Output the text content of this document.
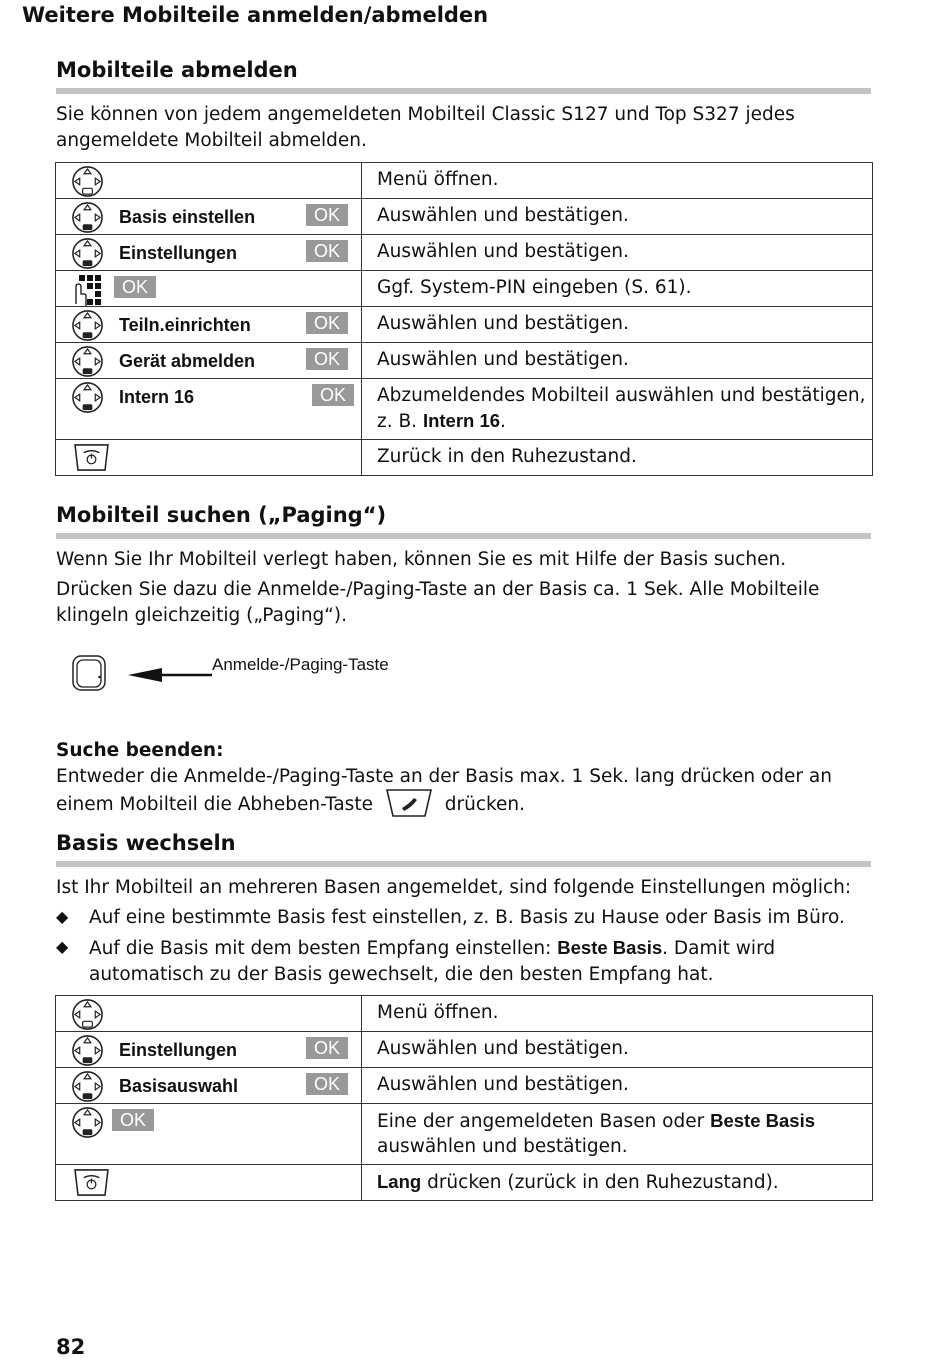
Weitere Mobilteile anmelden/abmelden
Mobilteile abmelden
Sie können von jedem angemeldeten Mobilteil Classic S127 und Top S327 jedes angemeldete Mobilteil abmelden.
	Menü öffnen.

Basis einstellen OK	Auswählen und bestätigen.

Einstellungen OK	Auswählen und bestätigen.

OK	Ggf. System-PIN eingeben (S. 61).

Teiln.einrichten OK	Auswählen und bestätigen.

Gerät abmelden OK	Auswählen und bestätigen.

Intern 16 OK	Abzumeldendes Mobilteil auswählen und bestätigen, z. B. Intern 16.

	Zurück in den Ruhezustand.
Mobilteil suchen („Paging“)
Wenn Sie Ihr Mobilteil verlegt haben, können Sie es mit Hilfe der Basis suchen.
Drücken Sie dazu die Anmelde-/Paging-Taste an der Basis ca. 1 Sek. Alle Mobilteile klingeln gleichzeitig („Paging“).
Anmelde-/Paging-Taste
Suche beenden:
Entweder die Anmelde-/Paging-Taste an der Basis max. 1 Sek. lang drücken oder an
einem Mobilteil die Abheben-Taste	drücken.
Basis wechseln
Ist Ihr Mobilteil an mehreren Basen angemeldet, sind folgende Einstellungen möglich:
◆ Auf eine bestimmte Basis fest einstellen, z. B. Basis zu Hause oder Basis im Büro.
◆ Auf die Basis mit dem besten Empfang einstellen: Beste Basis. Damit wird automatisch zu der Basis gewechselt, die den besten Empfang hat.
	Menü öffnen.

Einstellungen OK	Auswählen und bestätigen.

Basisauswahl OK	Auswählen und bestätigen.

OK	Eine der angemeldeten Basen oder Beste Basis auswählen und bestätigen.

	Lang drücken (zurück in den Ruhezustand).
82
